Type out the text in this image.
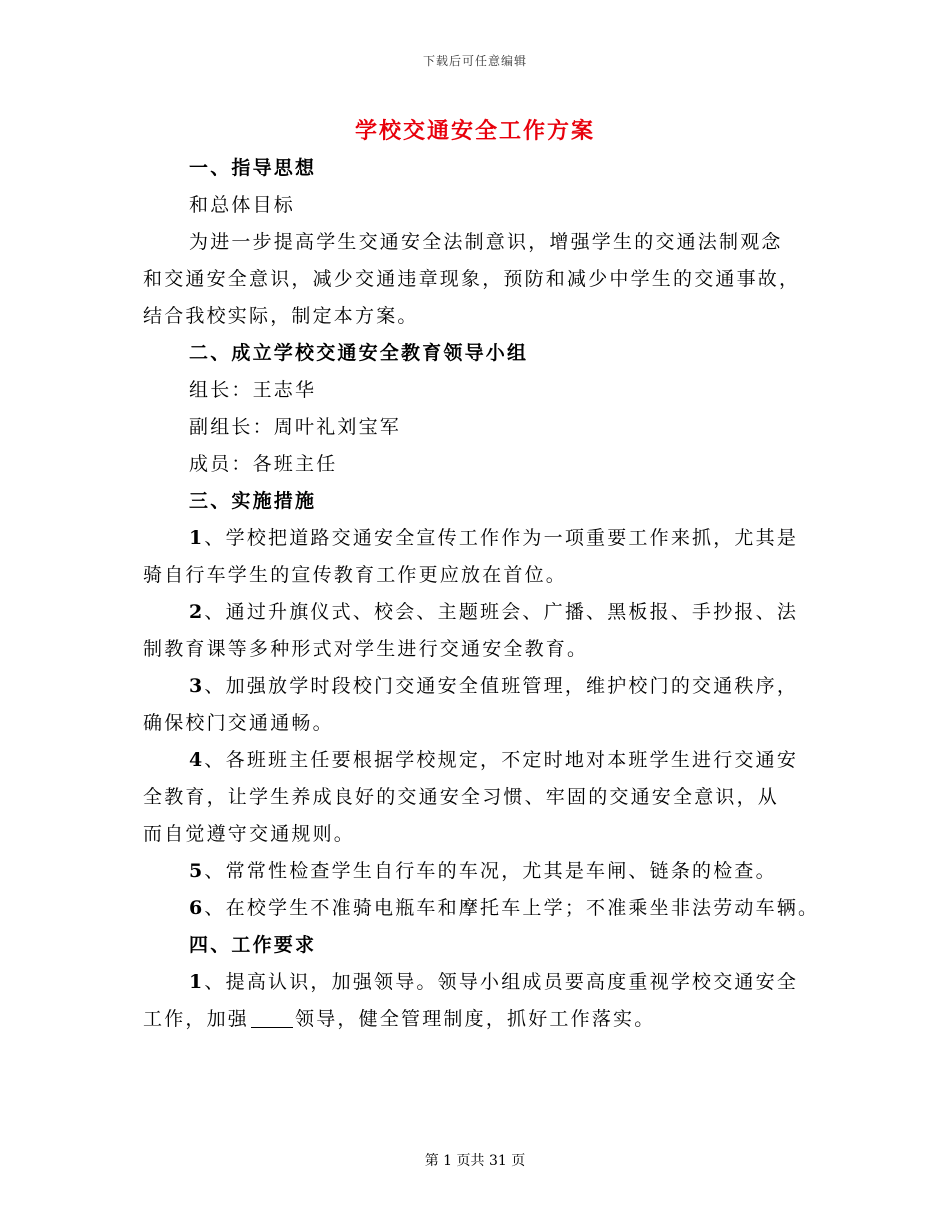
下载后可任意编辑
学校交通安全工作方案
一、指导思想
和总体目标
为进一步提高学生交通安全法制意识，增强学生的交通法制观念
和交通安全意识，减少交通违章现象，预防和减少中学生的交通事故，
结合我校实际，制定本方案。
二、成立学校交通安全教育领导小组
组长：王志华
副组长：周叶礼刘宝军
成员：各班主任
三、实施措施
1、学校把道路交通安全宣传工作作为一项重要工作来抓，尤其是
骑自行车学生的宣传教育工作更应放在首位。
2、通过升旗仪式、校会、主题班会、广播、黑板报、手抄报、法
制教育课等多种形式对学生进行交通安全教育。
3、加强放学时段校门交通安全值班管理，维护校门的交通秩序，
确保校门交通通畅。
4、各班班主任要根据学校规定，不定时地对本班学生进行交通安
全教育，让学生养成良好的交通安全习惯、牢固的交通安全意识，从
而自觉遵守交通规则。
5、常常性检查学生自行车的车况，尤其是车闸、链条的检查。
6、在校学生不准骑电瓶车和摩托车上学；不准乘坐非法劳动车辆。
四、工作要求
1、提高认识，加强领导。领导小组成员要高度重视学校交通安全
工作，加强 领导，健全管理制度，抓好工作落实。
第 1 页共 31 页
